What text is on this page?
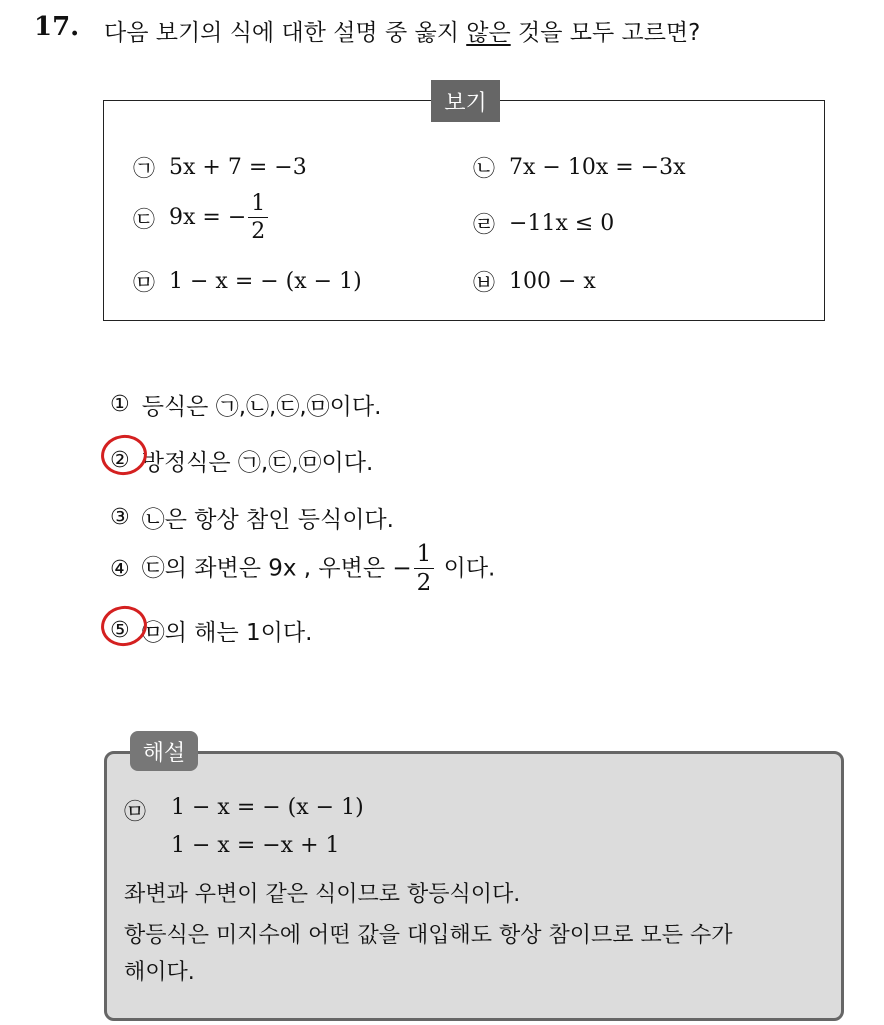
17. 다음 보기의 식에 대한 설명 중 옳지 않은 것을 모두 고르면?
보기
㉠ 5x + 7 = −3	㉡ 7x − 10x = −3x
㉢ 9x = − $\frac{1}{2}$	㉣ −11x ≤ 0
㉤ 1 − x = − (x − 1)	㉥ 100 − x
① 등식은 ㉠,㉡,㉢,㉤이다.
② 방정식은 ㉠,㉢,㉤이다.
③ ㉡은 항상 참인 등식이다.
④ ㉢의 좌변은 9x , 우변은 − $\frac{1}{2}$ 이다.
⑤ ㉤의 해는 1이다.
해설
㉤ 1 − x = − (x − 1)
1 − x = −x + 1
좌변과 우변이 같은 식이므로 항등식이다.
항등식은 미지수에 어떤 값을 대입해도 항상 참이므로 모든 수가
해이다.
